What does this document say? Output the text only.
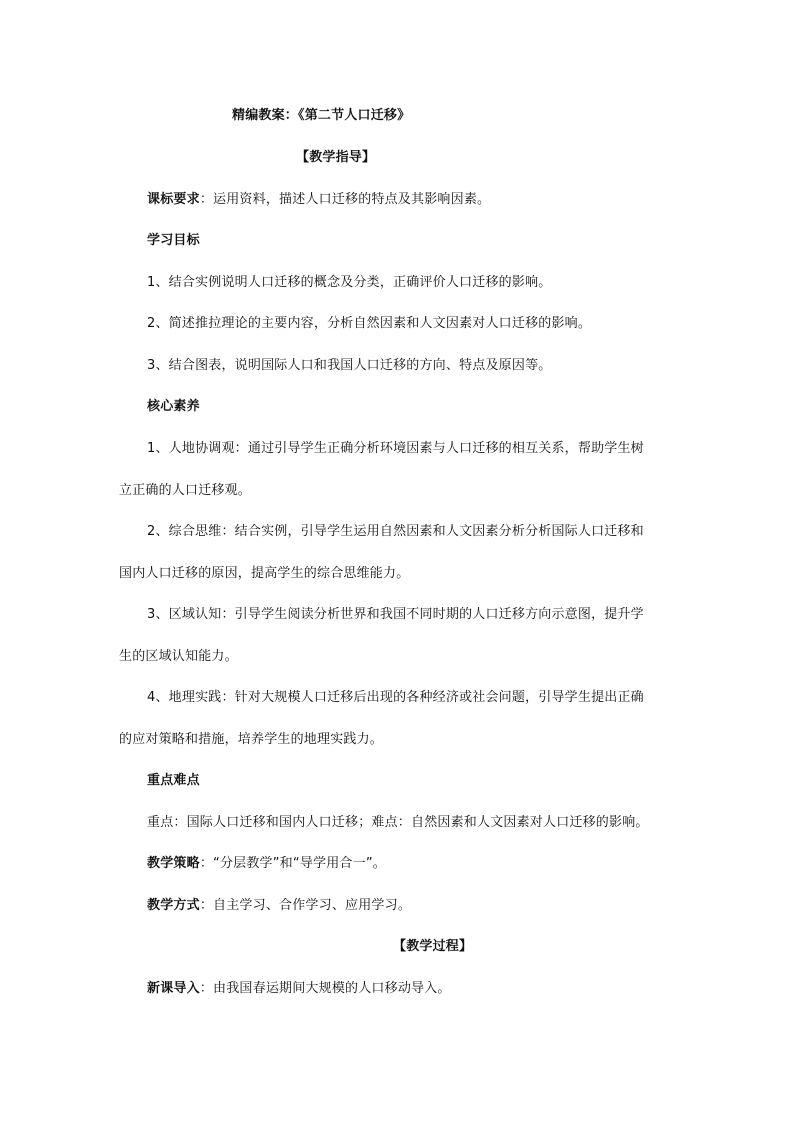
精编教案：《第二节人口迁移》
【教学指导】
课标要求：运用资料，描述人口迁移的特点及其影响因素。
学习目标
1、结合实例说明人口迁移的概念及分类，正确评价人口迁移的影响。
2、简述推拉理论的主要内容，分析自然因素和人文因素对人口迁移的影响。
3、结合图表，说明国际人口和我国人口迁移的方向、特点及原因等。
核心素养
1、人地协调观：通过引导学生正确分析环境因素与人口迁移的相互关系，帮助学生树
立正确的人口迁移观。
2、综合思维：结合实例，引导学生运用自然因素和人文因素分析分析国际人口迁移和
国内人口迁移的原因，提高学生的综合思维能力。
3、区域认知：引导学生阅读分析世界和我国不同时期的人口迁移方向示意图，提升学
生的区域认知能力。
4、地理实践：针对大规模人口迁移后出现的各种经济或社会问题，引导学生提出正确
的应对策略和措施，培养学生的地理实践力。
重点难点
重点：国际人口迁移和国内人口迁移；难点：自然因素和人文因素对人口迁移的影响。
教学策略：“分层教学”和“导学用合一”。
教学方式：自主学习、合作学习、应用学习。
【教学过程】
新课导入：由我国春运期间大规模的人口移动导入。
